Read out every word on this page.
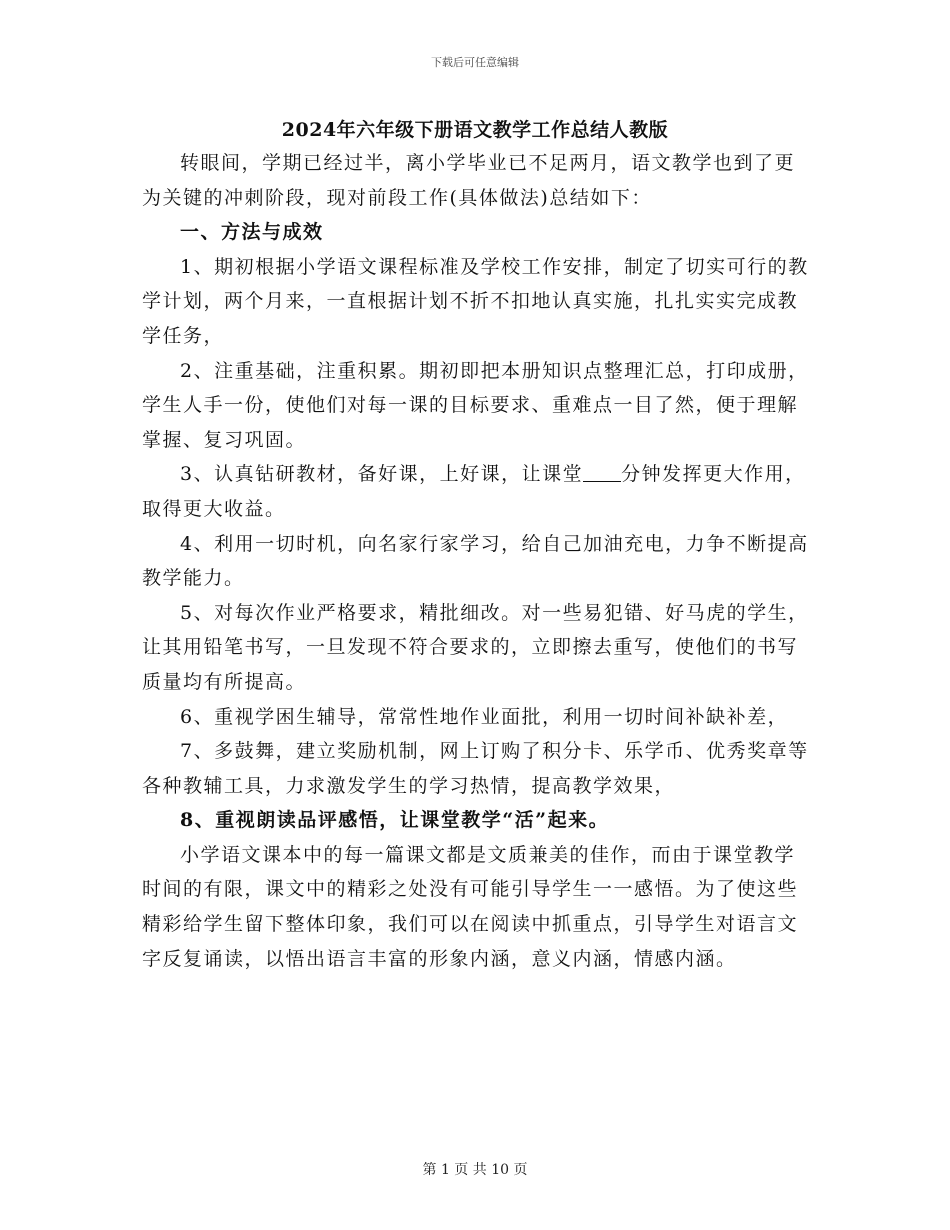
下载后可任意编辑
2024年六年级下册语文教学工作总结人教版

转眼间，学期已经过半，离小学毕业已不足两月，语文教学也到了更为关键的冲刺阶段，现对前段工作(具体做法)总结如下：

一、方法与成效

1、期初根据小学语文课程标准及学校工作安排，制定了切实可行的教学计划，两个月来，一直根据计划不折不扣地认真实施，扎扎实实完成教学任务，

2、注重基础，注重积累。期初即把本册知识点整理汇总，打印成册，学生人手一份，使他们对每一课的目标要求、重难点一目了然，便于理解掌握、复习巩固。

3、认真钻研教材，备好课，上好课，让课堂 分钟发挥更大作用，取得更大收益。

4、利用一切时机，向名家行家学习，给自己加油充电，力争不断提高教学能力。

5、对每次作业严格要求，精批细改。对一些易犯错、好马虎的学生，让其用铅笔书写，一旦发现不符合要求的，立即擦去重写，使他们的书写质量均有所提高。

6、重视学困生辅导，常常性地作业面批，利用一切时间补缺补差，

7、多鼓舞，建立奖励机制，网上订购了积分卡、乐学币、优秀奖章等各种教辅工具，力求激发学生的学习热情，提高教学效果，

8、重视朗读品评感悟，让课堂教学“活”起来。

小学语文课本中的每一篇课文都是文质兼美的佳作，而由于课堂教学时间的有限，课文中的精彩之处没有可能引导学生一一感悟。为了使这些精彩给学生留下整体印象，我们可以在阅读中抓重点，引导学生对语言文字反复诵读，以悟出语言丰富的形象内涵，意义内涵，情感内涵。

第 1 页 共 10 页
